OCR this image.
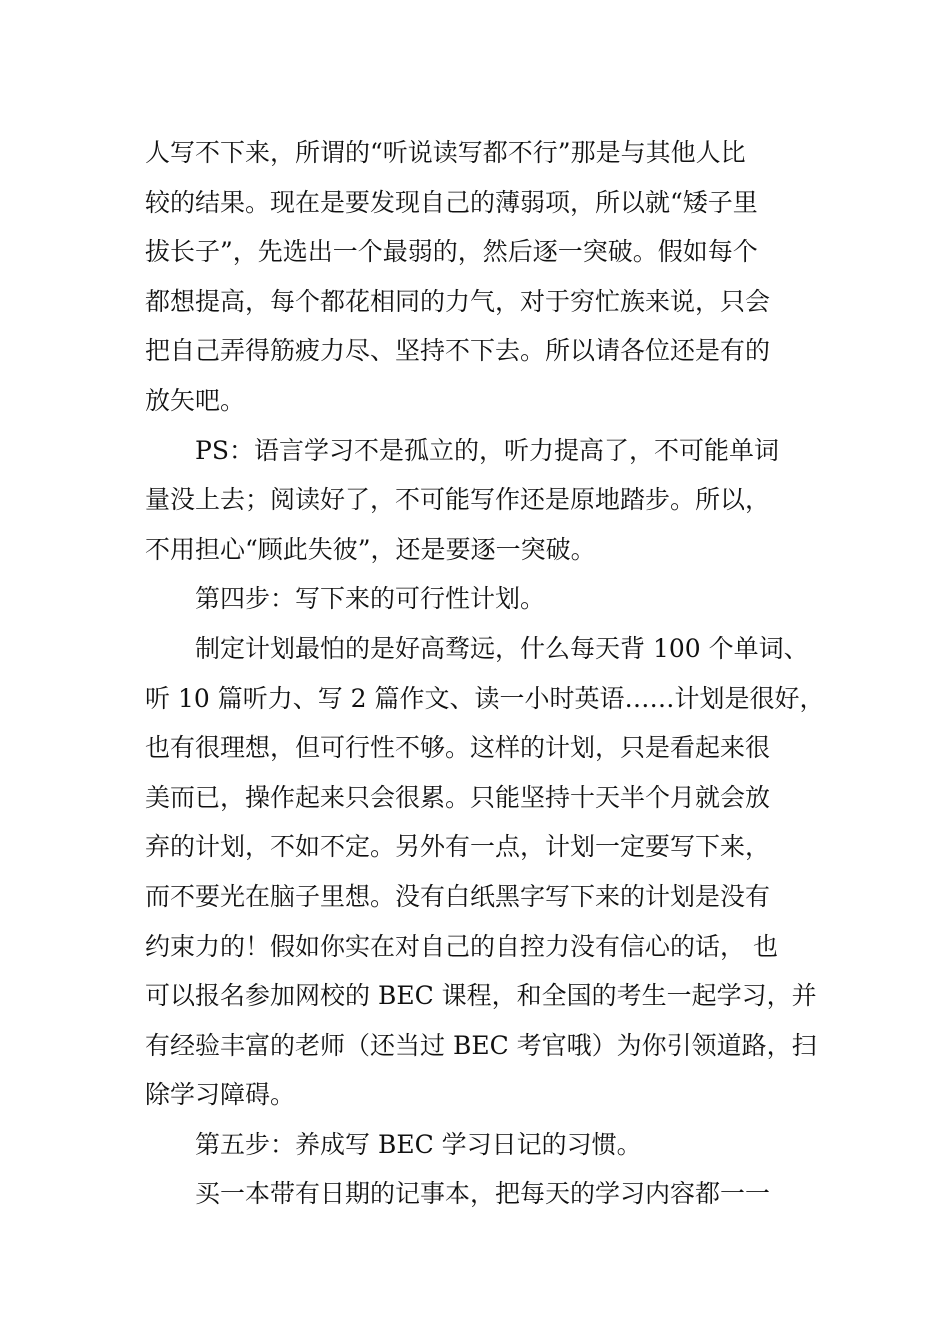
人写不下来，所谓的“听说读写都不行”那是与其他人比
较的结果。现在是要发现自己的薄弱项，所以就“矮子里
拔长子”，先选出一个最弱的，然后逐一突破。假如每个
都想提高，每个都花相同的力气，对于穷忙族来说，只会
把自己弄得筋疲力尽、坚持不下去。所以请各位还是有的
放矢吧。
PS：语言学习不是孤立的，听力提高了，不可能单词
量没上去；阅读好了，不可能写作还是原地踏步。所以，
不用担心“顾此失彼”，还是要逐一突破。
第四步：写下来的可行性计划。
制定计划最怕的是好高骛远，什么每天背 100 个单词、
听 10 篇听力、写 2 篇作文、读一小时英语……计划是很好，
也有很理想，但可行性不够。这样的计划，只是看起来很
美而已，操作起来只会很累。只能坚持十天半个月就会放
弃的计划，不如不定。另外有一点，计划一定要写下来，
而不要光在脑子里想。没有白纸黑字写下来的计划是没有
约束力的！假如你实在对自己的自控力没有信心的话， 也
可以报名参加网校的 BEC 课程，和全国的考生一起学习，并
有经验丰富的老师（还当过 BEC 考官哦）为你引领道路，扫
除学习障碍。
第五步：养成写 BEC 学习日记的习惯。
买一本带有日期的记事本，把每天的学习内容都一一
